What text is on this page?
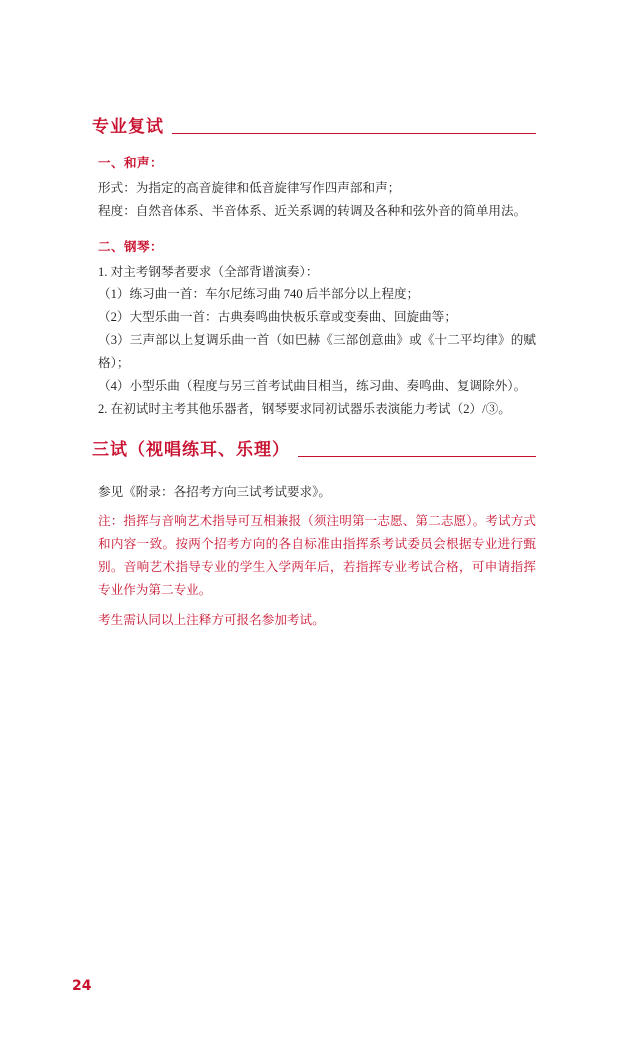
专业复试
一、和声：

形式：为指定的高音旋律和低音旋律写作四声部和声；

程度：自然音体系、半音体系、近关系调的转调及各种和弦外音的简单用法。

二、钢琴：

1. 对主考钢琴者要求（全部背谱演奏）：

（1）练习曲一首：车尔尼练习曲 740 后半部分以上程度；

（2）大型乐曲一首：古典奏鸣曲快板乐章或变奏曲、回旋曲等；

（3）三声部以上复调乐曲一首（如巴赫《三部创意曲》或《十二平均律》的赋格）；

（4）小型乐曲（程度与另三首考试曲目相当，练习曲、奏鸣曲、复调除外）。

2. 在初试时主考其他乐器者，钢琴要求同初试器乐表演能力考试（2）/③。

三试（视唱练耳、乐理）

参见《附录：各招考方向三试考试要求》。

注：指挥与音响艺术指导可互相兼报（须注明第一志愿、第二志愿）。考试方式和内容一致。按两个招考方向的各自标准由指挥系考试委员会根据专业进行甄别。音响艺术指导专业的学生入学两年后，若指挥专业考试合格，可申请指挥专业作为第二专业。

考生需认同以上注释方可报名参加考试。

24
